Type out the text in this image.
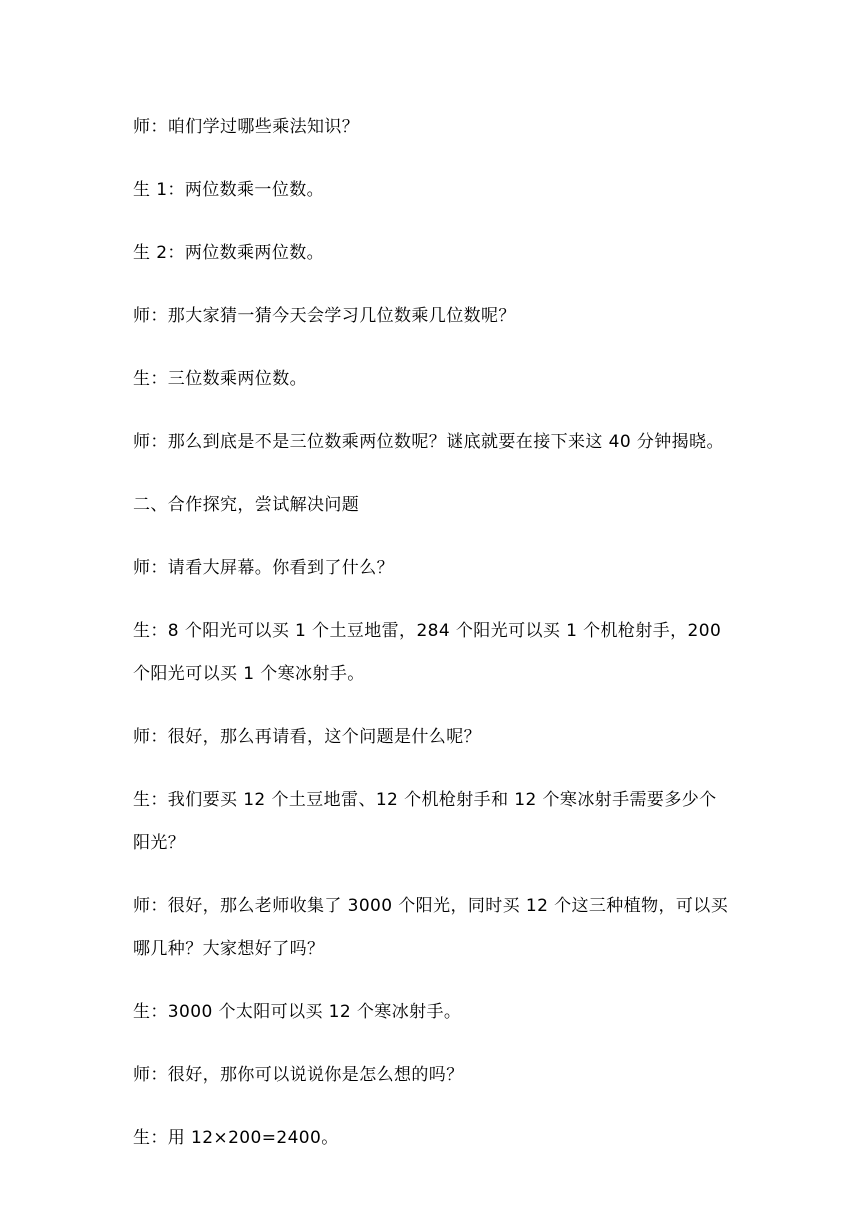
师：咱们学过哪些乘法知识？

生 1：两位数乘一位数。

生 2：两位数乘两位数。

师：那大家猜一猜今天会学习几位数乘几位数呢？

生：三位数乘两位数。

师：那么到底是不是三位数乘两位数呢？谜底就要在接下来这 40 分钟揭晓。

二、合作探究，尝试解决问题

师：请看大屏幕。你看到了什么？

生：8 个阳光可以买 1 个土豆地雷，284 个阳光可以买 1 个机枪射手，200 个阳光可以买 1 个寒冰射手。

师：很好，那么再请看，这个问题是什么呢？

生：我们要买 12 个土豆地雷、12 个机枪射手和 12 个寒冰射手需要多少个阳光？

师：很好，那么老师收集了 3000 个阳光，同时买 12 个这三种植物，可以买哪几种？大家想好了吗？

生：3000 个太阳可以买 12 个寒冰射手。

师：很好，那你可以说说你是怎么想的吗？

生：用 12×200=2400。
